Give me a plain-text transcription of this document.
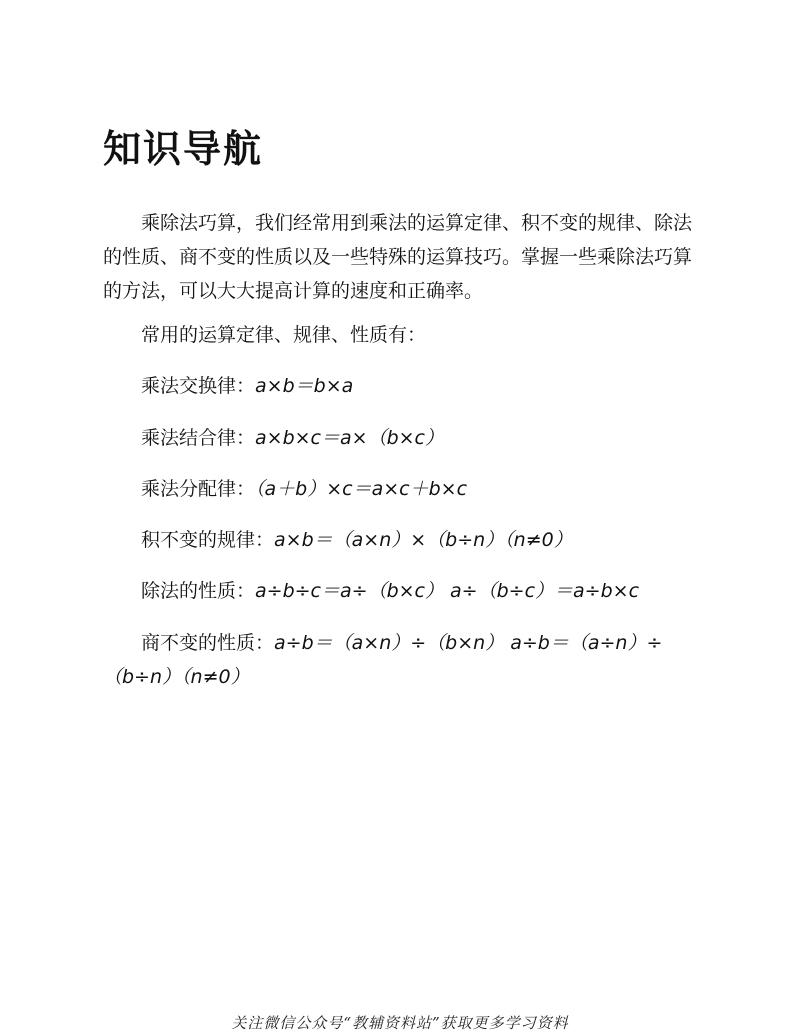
知识导航

乘除法巧算，我们经常用到乘法的运算定律、积不变的规律、除法的性质、商不变的性质以及一些特殊的运算技巧。掌握一些乘除法巧算的方法，可以大大提高计算的速度和正确率。

常用的运算定律、规律、性质有：

乘法交换律：a×b＝b×a

乘法结合律：a×b×c＝a×（b×c）

乘法分配律：（a＋b）×c＝a×c＋b×c

积不变的规律：a×b＝（a×n）×（b÷n）（n≠0）

除法的性质：a÷b÷c＝a÷（b×c） a÷（b÷c）＝a÷b×c

商不变的性质：a÷b＝（a×n）÷（b×n） a÷b＝（a÷n）÷（b÷n）（n≠0）

关注微信公众号“教辅资料站”获取更多学习资料
